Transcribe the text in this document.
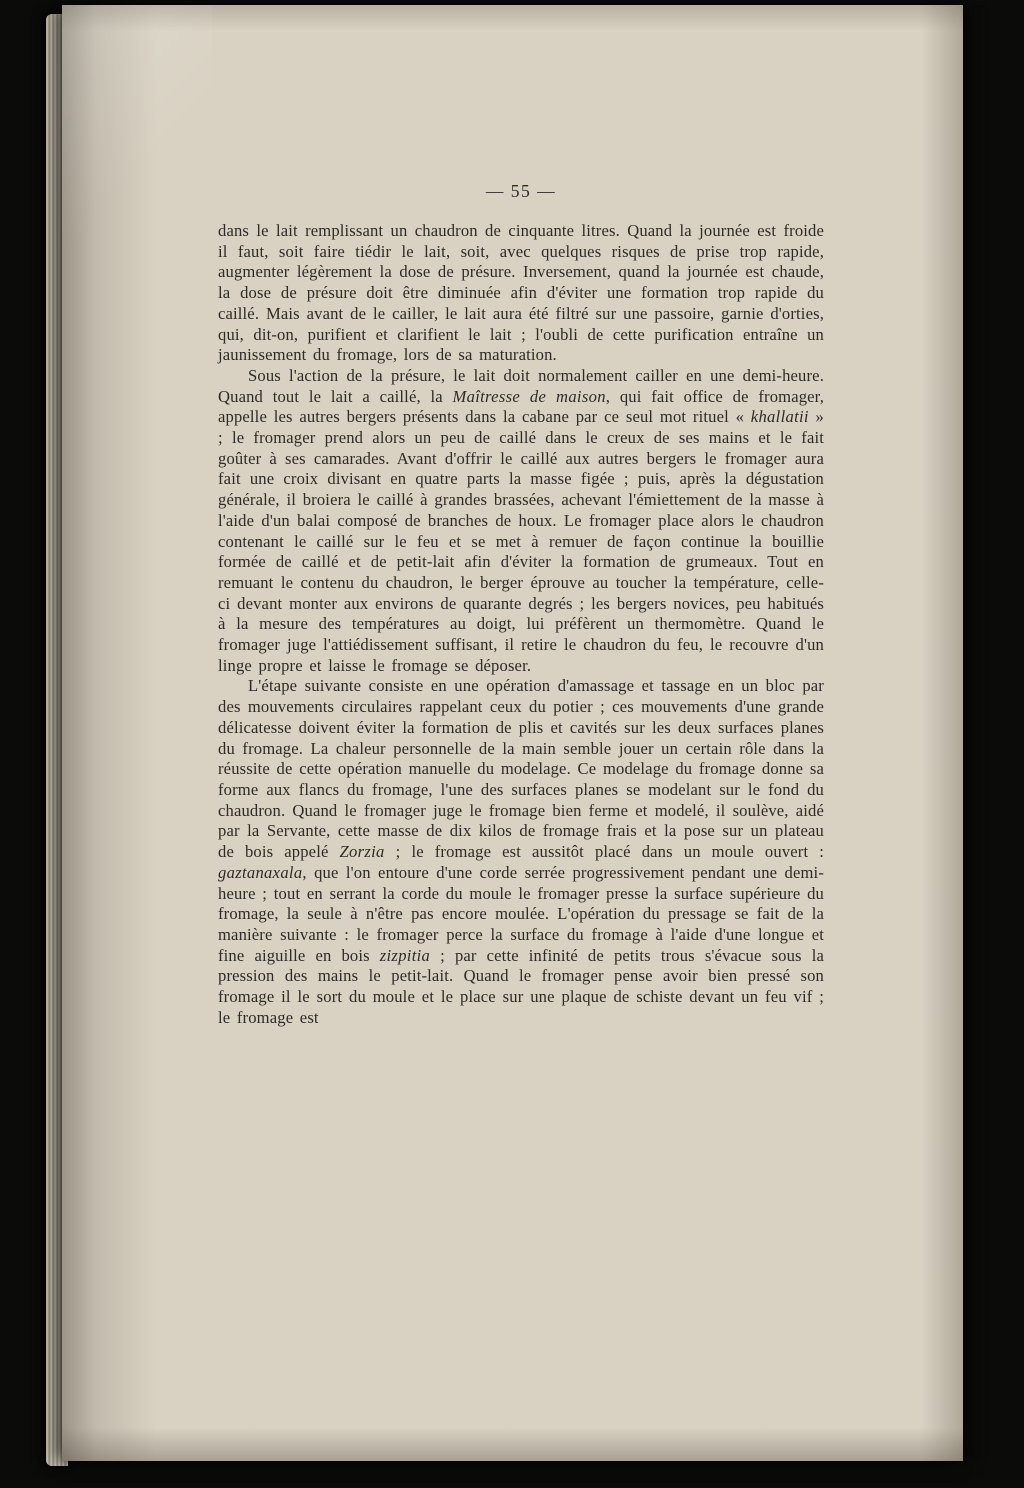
— 55 —

dans le lait remplissant un chaudron de cinquante litres. Quand la journée est froide il faut, soit faire tiédir le lait, soit, avec quelques risques de prise trop rapide, augmenter légèrement la dose de présure. Inversement, quand la journée est chaude, la dose de présure doit être diminuée afin d'éviter une formation trop rapide du caillé. Mais avant de le cailler, le lait aura été filtré sur une passoire, garnie d'orties, qui, dit-on, purifient et clarifient le lait ; l'oubli de cette purification entraîne un jaunissement du fromage, lors de sa maturation.

Sous l'action de la présure, le lait doit normalement cailler en une demi-heure. Quand tout le lait a caillé, la Maîtresse de maison, qui fait office de fromager, appelle les autres bergers présents dans la cabane par ce seul mot rituel « khallatii » ; le fromager prend alors un peu de caillé dans le creux de ses mains et le fait goûter à ses camarades. Avant d'offrir le caillé aux autres bergers le fromager aura fait une croix divisant en quatre parts la masse figée ; puis, après la dégustation générale, il broiera le caillé à grandes brassées, achevant l'émiettement de la masse à l'aide d'un balai composé de branches de houx. Le fromager place alors le chaudron contenant le caillé sur le feu et se met à remuer de façon continue la bouillie formée de caillé et de petit-lait afin d'éviter la formation de grumeaux. Tout en remuant le contenu du chaudron, le berger éprouve au toucher la température, celle-ci devant monter aux environs de quarante degrés ; les bergers novices, peu habitués à la mesure des températures au doigt, lui préfèrent un thermomètre. Quand le fromager juge l'attiédissement suffisant, il retire le chaudron du feu, le recouvre d'un linge propre et laisse le fromage se déposer.

L'étape suivante consiste en une opération d'amassage et tassage en un bloc par des mouvements circulaires rappelant ceux du potier ; ces mouvements d'une grande délicatesse doivent éviter la formation de plis et cavités sur les deux surfaces planes du fromage. La chaleur personnelle de la main semble jouer un certain rôle dans la réussite de cette opération manuelle du modelage. Ce modelage du fromage donne sa forme aux flancs du fromage, l'une des surfaces planes se modelant sur le fond du chaudron. Quand le fromager juge le fromage bien ferme et modelé, il soulève, aidé par la Servante, cette masse de dix kilos de fromage frais et la pose sur un plateau de bois appelé Zorzia ; le fromage est aussitôt placé dans un moule ouvert : gaztanaxala, que l'on entoure d'une corde serrée progressivement pendant une demi-heure ; tout en serrant la corde du moule le fromager presse la surface supérieure du fromage, la seule à n'être pas encore moulée. L'opération du pressage se fait de la manière suivante : le fromager perce la surface du fromage à l'aide d'une longue et fine aiguille en bois zizpitia ; par cette infinité de petits trous s'évacue sous la pression des mains le petit-lait. Quand le fromager pense avoir bien pressé son fromage il le sort du moule et le place sur une plaque de schiste devant un feu vif ; le fromage est
